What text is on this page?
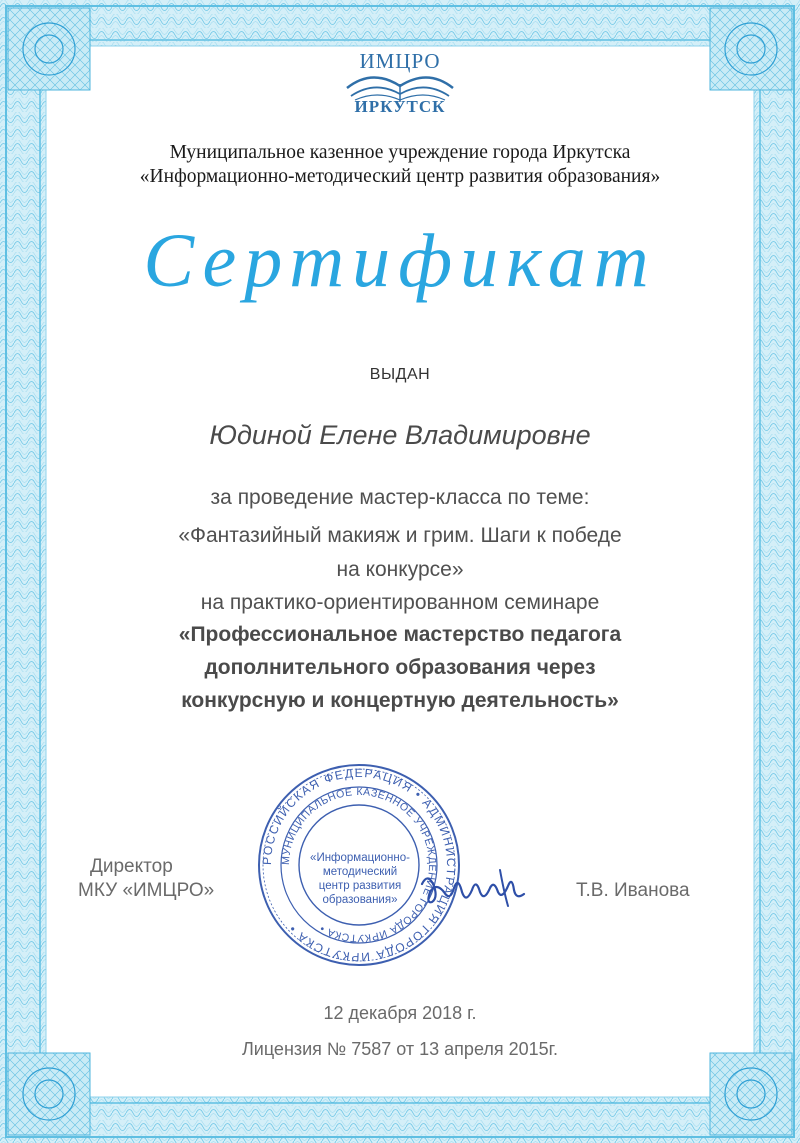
ИМЦРО
ИРКУТСК
Муниципальное казенное учреждение города Иркутска
«Информационно-методический центр развития образования»
Сертификат
ВЫДАН
Юдиной Елене Владимировне
за проведение мастер-класса по теме:
«Фантазийный макияж и грим. Шаги к победе
на конкурсе»
на практико-ориентированном семинаре
«Профессиональное мастерство педагога
дополнительного образования через
конкурсную и концертную деятельность»
РОССИЙСКАЯ ФЕДЕРАЦИЯ • АДМИНИСТРАЦИЯ ГОРОДА ИРКУТСКА •
МУНИЦИПАЛЬНОЕ КАЗЕННОЕ УЧРЕЖДЕНИЕ ГОРОДА ИРКУТСКА •
«Информационно-
методический
центр развития
образования»
Директор
МКУ «ИМЦРО»	Т.В. Иванова
12 декабря 2018 г.
Лицензия № 7587 от 13 апреля 2015г.
